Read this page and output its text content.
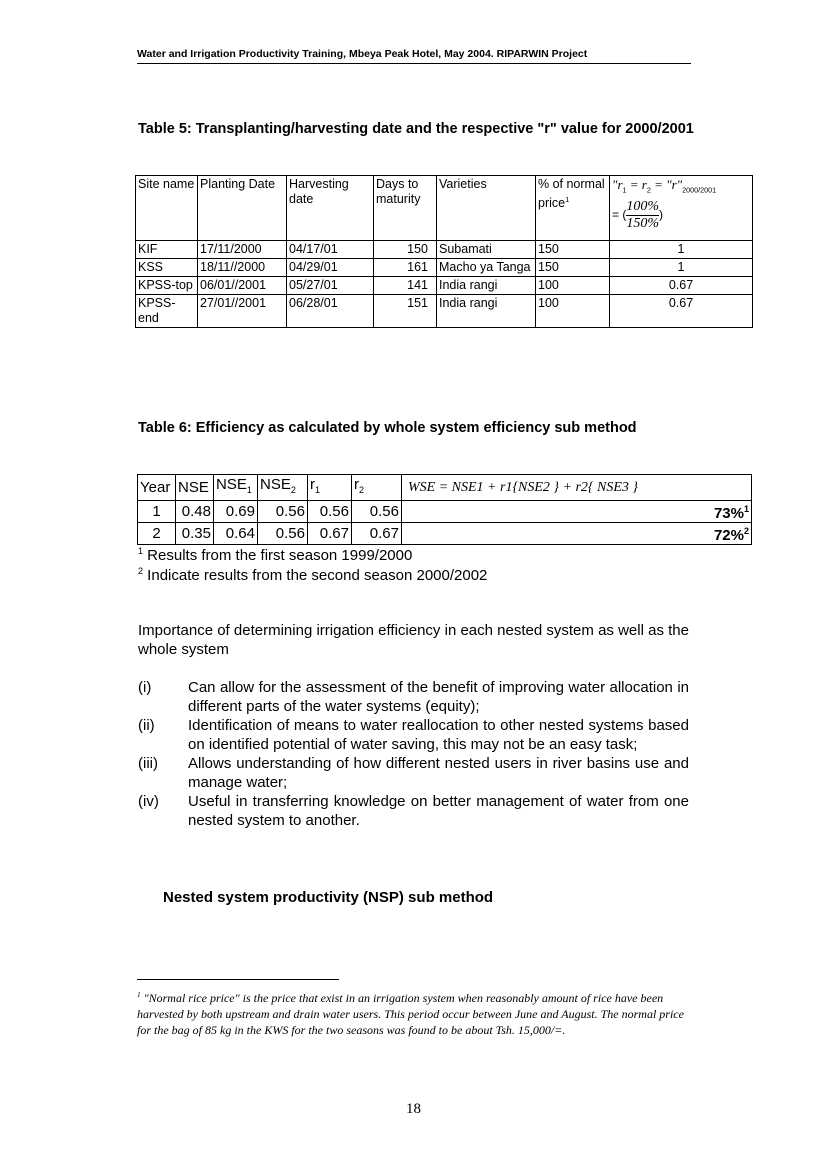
Water and Irrigation Productivity Training, Mbeya Peak Hotel, May 2004. RIPARWIN Project
Table 5: Transplanting/harvesting date and the respective "r" value for 2000/2001
Site name	Planting Date	Harvesting date	Days to maturity	Varieties	% of normal price$^1$	"$r_1 = r_2$ = "$r"_{2000/2001}$
= ( $\frac{100\%}{150\%}$ )

KIF	17/11/2000	04/17/01	150	Subamati	150	1
KSS	18/11//2000	04/29/01	161	Macho ya Tanga	150	1
KPSS-top	06/01//2001	05/27/01	141	India rangi	100	0.67
KPSS-end	27/01//2001	06/28/01	151	India rangi	100	0.67
Table 6: Efficiency as calculated by whole system efficiency sub method
Year	NSE	$NSE_1$	$NSE_2$	$r_1$	$r_2$	WSE = NSE1 + r1{NSE2 } + r2{ NSE3 }
1	0.48	0.69	0.56	0.56	0.56	73%$^1$
2	0.35	0.64	0.56	0.67	0.67	72%$^2$
$^1$ Results from the first season 1999/2000
$^2$ Indicate results from the second season 2000/2002
Importance of determining irrigation efficiency in each nested system as well as the whole system
(i)	Can allow for the assessment of the benefit of improving water allocation in different parts of the water systems (equity);
(ii)	Identification of means to water reallocation to other nested systems based on identified potential of water saving, this may not be an easy task;
(iii)	Allows understanding of how different nested users in river basins use and manage water;
(iv)	Useful in transferring knowledge on better management of water from one nested system to another.
Nested system productivity (NSP) sub method
$^1$ "Normal rice price" is the price that exist in an irrigation system when reasonably amount of rice have been harvested by both upstream and drain water users. This period occur between June and August. The normal price for the bag of 85 kg in the KWS for the two seasons was found to be about Tsh. 15,000/=.
18
